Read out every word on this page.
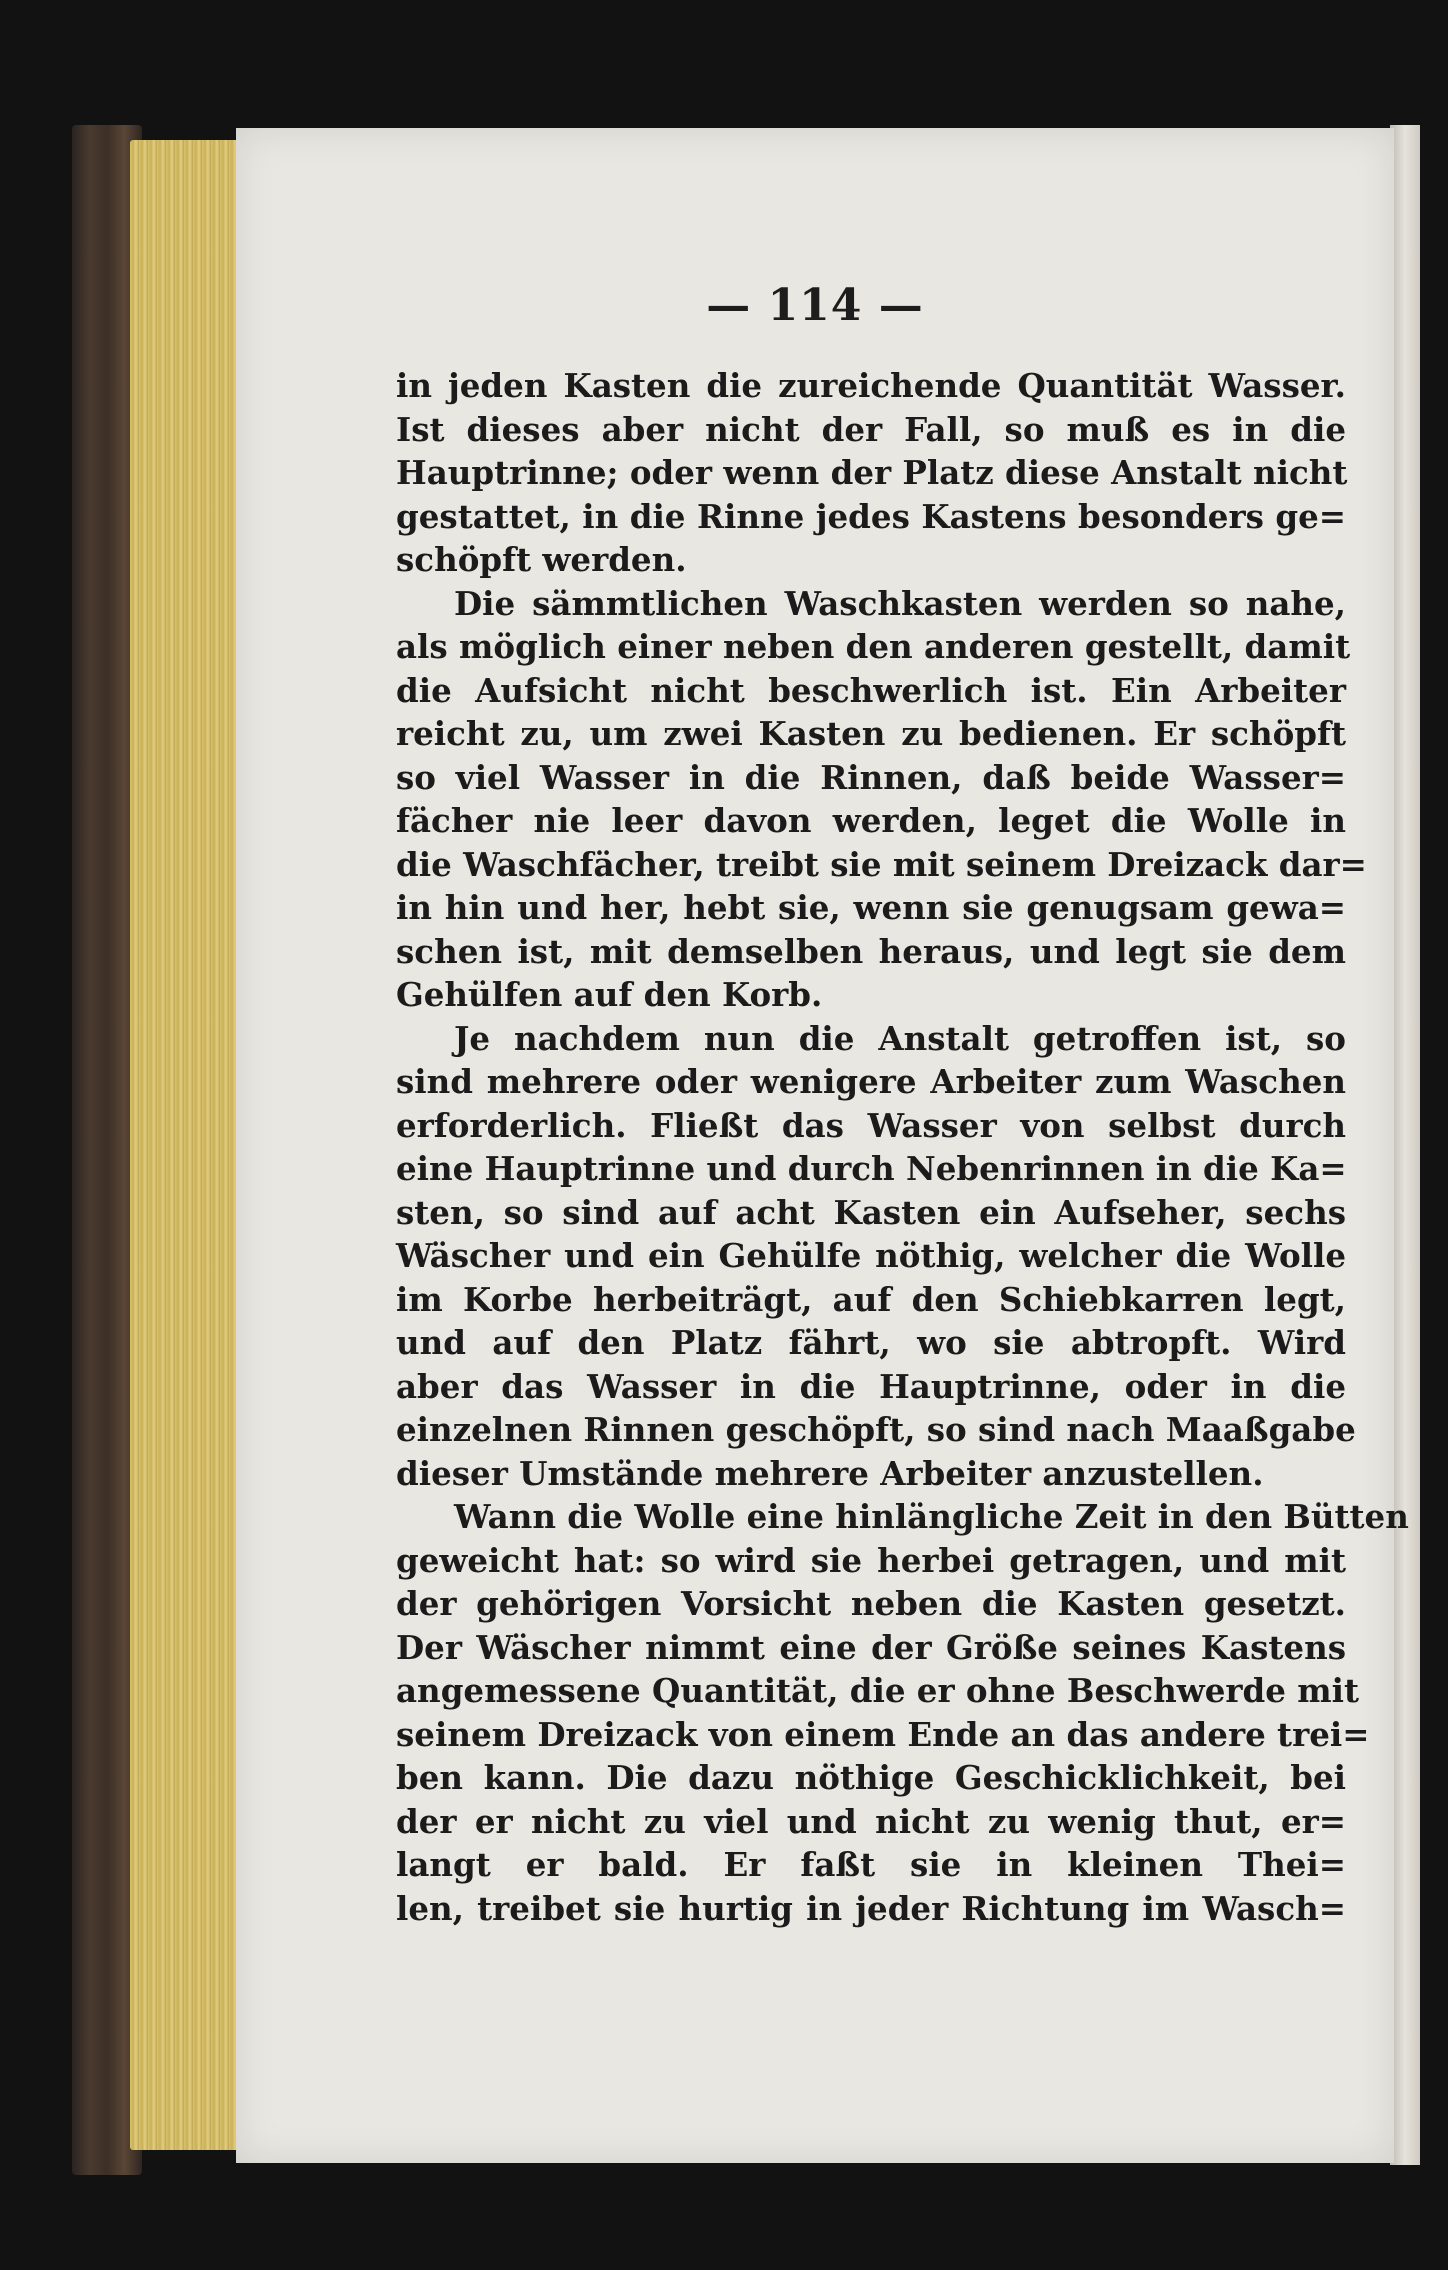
— 114 —
in jeden Kasten die zureichende Quantität Wasser.
Ist dieses aber nicht der Fall, so muß es in die
Hauptrinne; oder wenn der Platz diese Anstalt nicht
gestattet, in die Rinne jedes Kastens besonders ge=
schöpft werden.
Die sämmtlichen Waschkasten werden so nahe,
als möglich einer neben den anderen gestellt, damit
die Aufsicht nicht beschwerlich ist. Ein Arbeiter
reicht zu, um zwei Kasten zu bedienen. Er schöpft
so viel Wasser in die Rinnen, daß beide Wasser=
fächer nie leer davon werden, leget die Wolle in
die Waschfächer, treibt sie mit seinem Dreizack dar=
in hin und her, hebt sie, wenn sie genugsam gewa=
schen ist, mit demselben heraus, und legt sie dem
Gehülfen auf den Korb.
Je nachdem nun die Anstalt getroffen ist, so
sind mehrere oder wenigere Arbeiter zum Waschen
erforderlich. Fließt das Wasser von selbst durch
eine Hauptrinne und durch Nebenrinnen in die Ka=
sten, so sind auf acht Kasten ein Aufseher, sechs
Wäscher und ein Gehülfe nöthig, welcher die Wolle
im Korbe herbeiträgt, auf den Schiebkarren legt,
und auf den Platz fährt, wo sie abtropft. Wird
aber das Wasser in die Hauptrinne, oder in die
einzelnen Rinnen geschöpft, so sind nach Maaßgabe
dieser Umstände mehrere Arbeiter anzustellen.
Wann die Wolle eine hinlängliche Zeit in den Bütten
geweicht hat: so wird sie herbei getragen, und mit
der gehörigen Vorsicht neben die Kasten gesetzt.
Der Wäscher nimmt eine der Größe seines Kastens
angemessene Quantität, die er ohne Beschwerde mit
seinem Dreizack von einem Ende an das andere trei=
ben kann. Die dazu nöthige Geschicklichkeit, bei
der er nicht zu viel und nicht zu wenig thut, er=
langt er bald. Er faßt sie in kleinen Thei=
len, treibet sie hurtig in jeder Richtung im Wasch=
